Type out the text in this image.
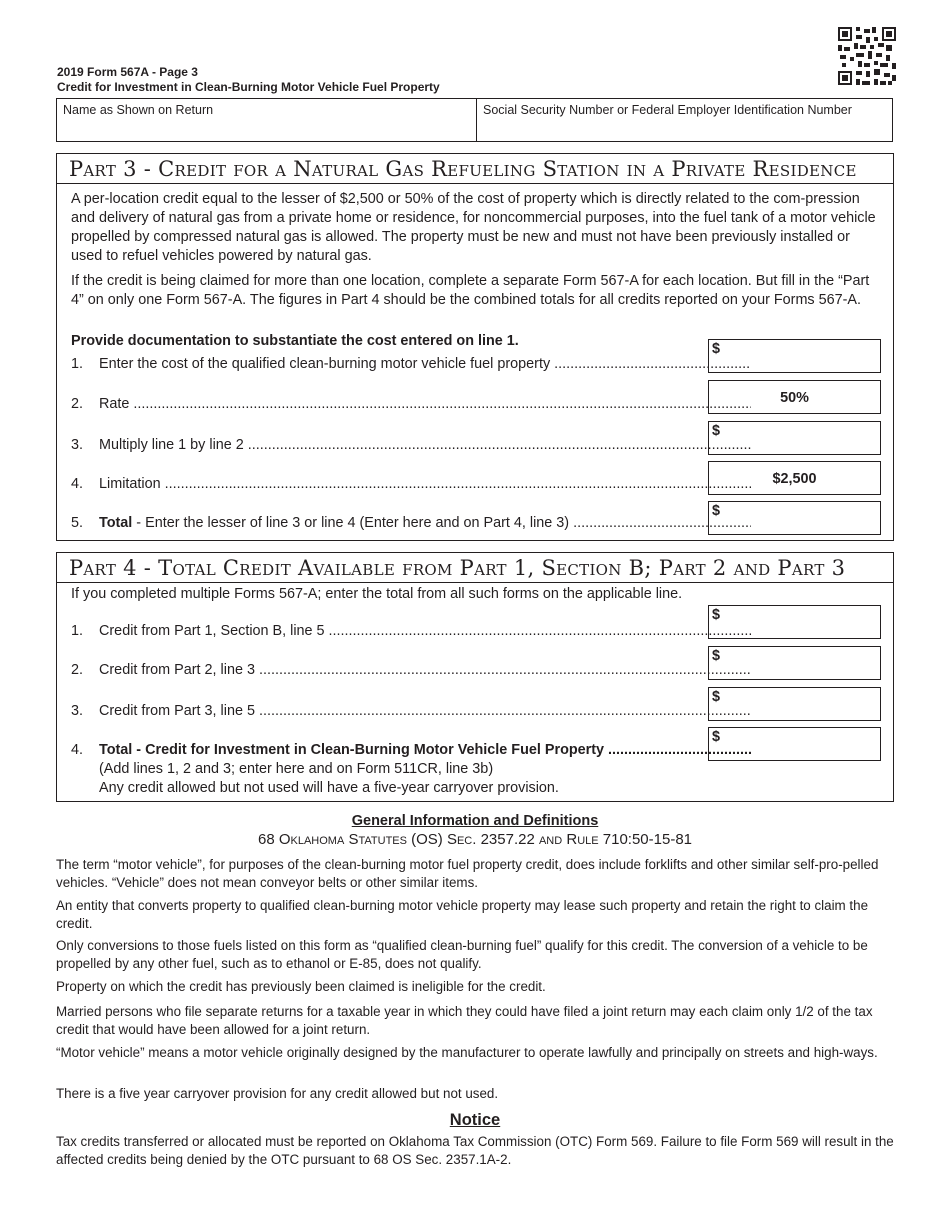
2019 Form 567A - Page 3
Credit for Investment in Clean-Burning Motor Vehicle Fuel Property
Name as Shown on Return	Social Security Number or Federal Employer Identification Number
Part 3 - Credit for a Natural Gas Refueling Station in a Private Residence
A per-location credit equal to the lesser of $2,500 or 50% of the cost of property which is directly related to the com-pression and delivery of natural gas from a private home or residence, for noncommercial purposes, into the fuel tank of a motor vehicle propelled by compressed natural gas is allowed. The property must be new and must not have been previously installed or used to refuel vehicles powered by natural gas.
If the credit is being claimed for more than one location, complete a separate Form 567-A for each location. But fill in the “Part 4” on only one Form 567-A. The figures in Part 4 should be the combined totals for all credits reported on your Forms 567-A.
Provide documentation to substantiate the cost entered on line 1.
1. Enter the cost of the qualified clean-burning motor vehicle fuel property .....
$
2. Rate .....	50%
3. Multiply line 1 by line 2 .....
$
4. Limitation .....	$2,500
5. Total - Enter the lesser of line 3 or line 4 (Enter here and on Part 4, line 3) .....
$
Part 4 - Total Credit Available from Part 1, Section B; Part 2 and Part 3
If you completed multiple Forms 567-A; enter the total from all such forms on the applicable line.
1. Credit from Part 1, Section B, line 5 .....
$
2. Credit from Part 2, line 3 .....
$
3. Credit from Part 3, line 5 .....
$
4. Total - Credit for Investment in Clean-Burning Motor Vehicle Fuel Property .....
$
(Add lines 1, 2 and 3; enter here and on Form 511CR, line 3b)
Any credit allowed but not used will have a five-year carryover provision.
General Information and Definitions
68 Oklahoma Statutes (OS) Sec. 2357.22 and Rule 710:50-15-81
The term “motor vehicle”, for purposes of the clean-burning motor fuel property credit, does include forklifts and other similar self-pro-pelled vehicles. “Vehicle” does not mean conveyor belts or other similar items.
An entity that converts property to qualified clean-burning motor vehicle property may lease such property and retain the right to claim the credit.
Only conversions to those fuels listed on this form as “qualified clean-burning fuel” qualify for this credit. The conversion of a vehicle to be propelled by any other fuel, such as to ethanol or E-85, does not qualify.
Property on which the credit has previously been claimed is ineligible for the credit.
Married persons who file separate returns for a taxable year in which they could have filed a joint return may each claim only 1/2 of the tax credit that would have been allowed for a joint return.
“Motor vehicle” means a motor vehicle originally designed by the manufacturer to operate lawfully and principally on streets and high-ways.
There is a five year carryover provision for any credit allowed but not used.
Notice
Tax credits transferred or allocated must be reported on Oklahoma Tax Commission (OTC) Form 569. Failure to file Form 569 will result in the affected credits being denied by the OTC pursuant to 68 OS Sec. 2357.1A-2.
